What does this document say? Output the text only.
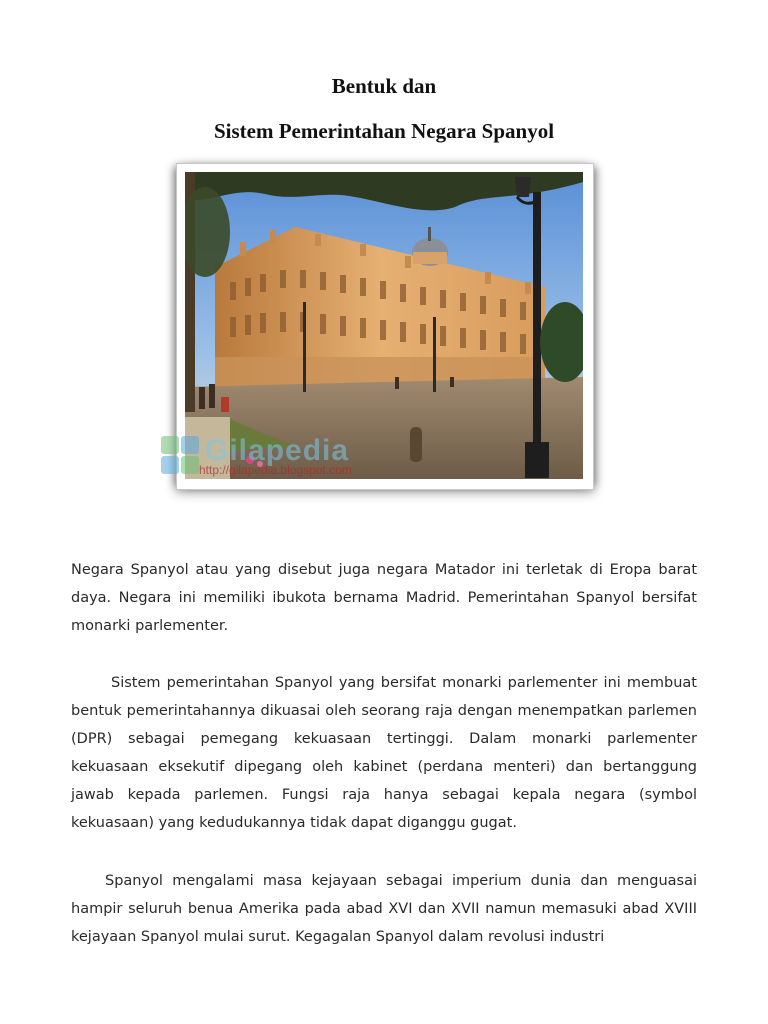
Bentuk dan
Sistem Pemerintahan Negara Spanyol
Gilapedia
http://gilapedia.blogspot.com

Negara Spanyol atau yang disebut juga negara Matador ini terletak di Eropa barat daya. Negara ini memiliki ibukota bernama Madrid. Pemerintahan Spanyol bersifat monarki parlementer.

Sistem pemerintahan Spanyol yang bersifat monarki parlementer ini membuat bentuk pemerintahannya dikuasai oleh seorang raja dengan menempatkan parlemen (DPR) sebagai pemegang kekuasaan tertinggi. Dalam monarki parlementer kekuasaan eksekutif dipegang oleh kabinet (perdana menteri) dan bertanggung jawab kepada parlemen. Fungsi raja hanya sebagai kepala negara (symbol kekuasaan) yang kedudukannya tidak dapat diganggu gugat.

Spanyol mengalami masa kejayaan sebagai imperium dunia dan menguasai hampir seluruh benua Amerika pada abad XVI dan XVII namun memasuki abad XVIII kejayaan Spanyol mulai surut. Kegagalan Spanyol dalam revolusi industri
